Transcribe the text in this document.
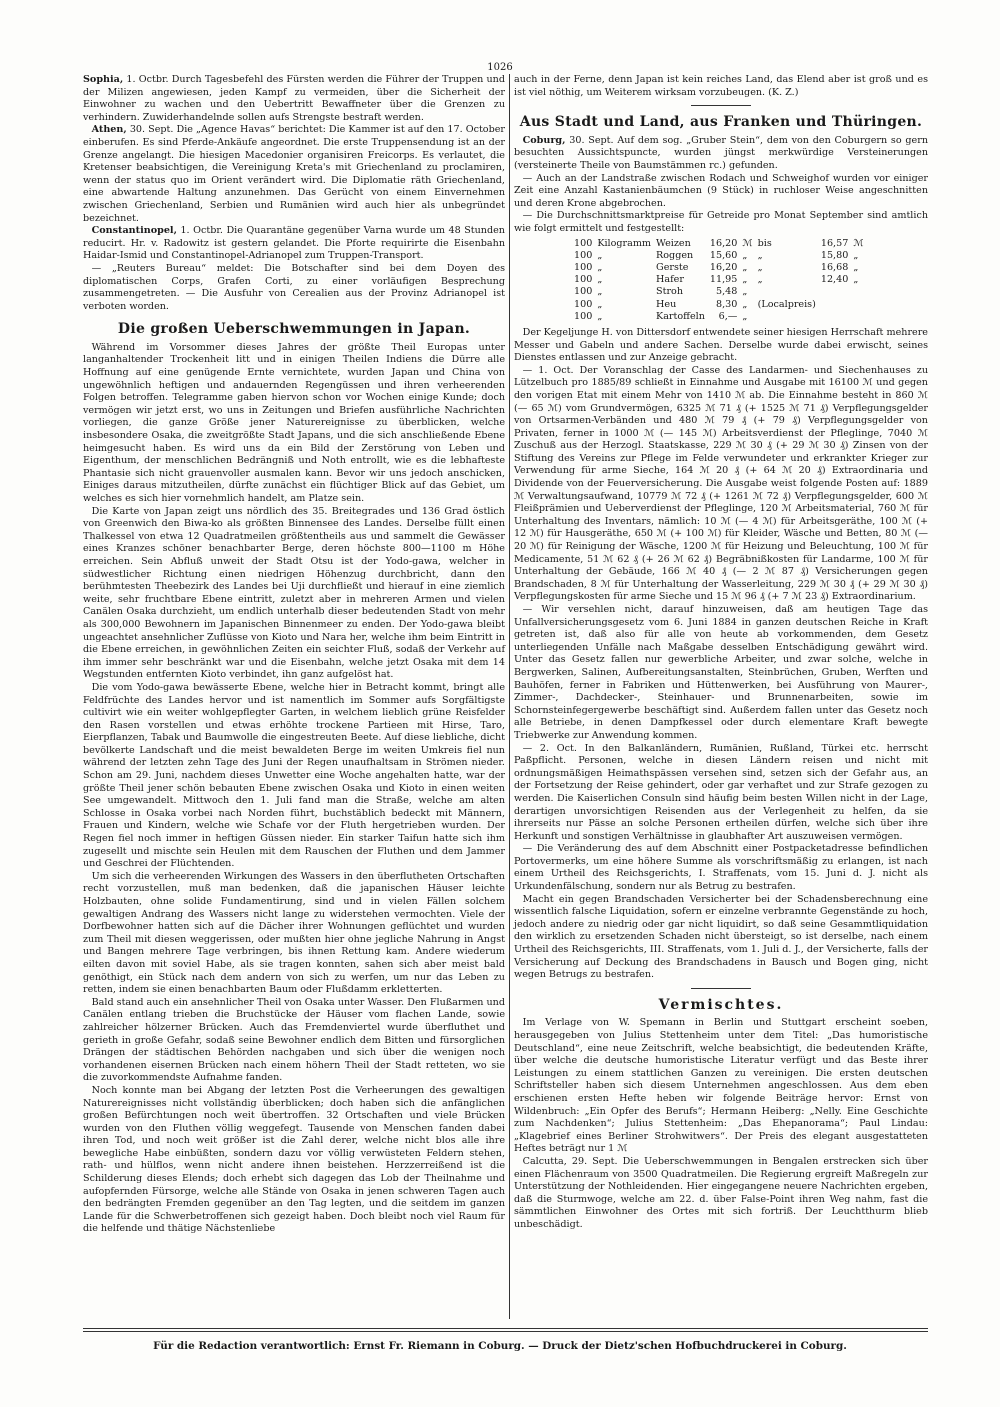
1026

Sophia, 1. Octbr. Durch Tagesbefehl des Fürsten werden die Führer der Truppen und der Milizen angewiesen, jeden Kampf zu vermeiden, über die Sicherheit der Einwohner zu wachen und den Uebertritt Bewaffneter über die Grenzen zu verhindern. Zuwiderhandelnde sollen aufs Strengste bestraft werden.

Athen, 30. Sept. Die „Agence Havas“ berichtet: Die Kammer ist auf den 17. October einberufen. Es sind Pferde-Ankäufe angeordnet. Die erste Truppensendung ist an der Grenze angelangt. Die hiesigen Macedonier organisiren Freicorps. Es verlautet, die Kretenser beabsichtigen, die Vereinigung Kreta's mit Griechenland zu proclamiren, wenn der status quo im Orient verändert wird. Die Diplomatie räth Griechenland, eine abwartende Haltung anzunehmen. Das Gerücht von einem Einvernehmen zwischen Griechenland, Serbien und Rumänien wird auch hier als unbegründet bezeichnet.

Constantinopel, 1. Octbr. Die Quarantäne gegenüber Varna wurde um 48 Stunden reducirt. Hr. v. Radowitz ist gestern gelandet. Die Pforte requirirte die Eisenbahn Haidar-Ismid und Constantinopel-Adrianopel zum Truppen-Transport.

— „Reuters Bureau“ meldet: Die Botschafter sind bei dem Doyen des diplomatischen Corps, Grafen Corti, zu einer vorläufigen Besprechung zusammengetreten. — Die Ausfuhr von Cerealien aus der Provinz Adrianopel ist verboten worden.

Die großen Ueberschwemmungen in Japan.

Während im Vorsommer dieses Jahres der größte Theil Europas unter langanhaltender Trockenheit litt und in einigen Theilen Indiens die Dürre alle Hoffnung auf eine genügende Ernte vernichtete, wurden Japan und China von ungewöhnlich heftigen und andauernden Regengüssen und ihren verheerenden Folgen betroffen. Telegramme gaben hiervon schon vor Wochen einige Kunde; doch vermögen wir jetzt erst, wo uns in Zeitungen und Briefen ausführliche Nachrichten vorliegen, die ganze Größe jener Naturereignisse zu überblicken, welche insbesondere Osaka, die zweitgrößte Stadt Japans, und die sich anschließende Ebene heimgesucht haben. Es wird uns da ein Bild der Zerstörung von Leben und Eigenthum, der menschlichen Bedrängniß und Noth entrollt, wie es die lebhafteste Phantasie sich nicht grauenvoller ausmalen kann. Bevor wir uns jedoch anschicken, Einiges daraus mitzutheilen, dürfte zunächst ein flüchtiger Blick auf das Gebiet, um welches es sich hier vornehmlich handelt, am Platze sein.

Die Karte von Japan zeigt uns nördlich des 35. Breitegrades und 136 Grad östlich von Greenwich den Biwa-ko als größten Binnensee des Landes. Derselbe füllt einen Thalkessel von etwa 12 Quadratmeilen größtentheils aus und sammelt die Gewässer eines Kranzes schöner benachbarter Berge, deren höchste 800—1100 m Höhe erreichen. Sein Abfluß unweit der Stadt Otsu ist der Yodo-gawa, welcher in südwestlicher Richtung einen niedrigen Höhenzug durchbricht, dann den berühmtesten Theebezirk des Landes bei Uji durchfließt und hierauf in eine ziemlich weite, sehr fruchtbare Ebene eintritt, zuletzt aber in mehreren Armen und vielen Canälen Osaka durchzieht, um endlich unterhalb dieser bedeutenden Stadt von mehr als 300,000 Bewohnern im Japanischen Binnenmeer zu enden. Der Yodo-gawa bleibt ungeachtet ansehnlicher Zuflüsse von Kioto und Nara her, welche ihm beim Eintritt in die Ebene erreichen, in gewöhnlichen Zeiten ein seichter Fluß, sodaß der Verkehr auf ihm immer sehr beschränkt war und die Eisenbahn, welche jetzt Osaka mit dem 14 Wegstunden entfernten Kioto verbindet, ihn ganz aufgelöst hat.

Die vom Yodo-gawa bewässerte Ebene, welche hier in Betracht kommt, bringt alle Feldfrüchte des Landes hervor und ist namentlich im Sommer aufs Sorgfältigste cultivirt wie ein weiter wohlgepflegter Garten, in welchem lieblich grüne Reisfelder den Rasen vorstellen und etwas erhöhte trockene Partieen mit Hirse, Taro, Eierpflanzen, Tabak und Baumwolle die eingestreuten Beete. Auf diese liebliche, dicht bevölkerte Landschaft und die meist bewaldeten Berge im weiten Umkreis fiel nun während der letzten zehn Tage des Juni der Regen unaufhaltsam in Strömen nieder. Schon am 29. Juni, nachdem dieses Unwetter eine Woche angehalten hatte, war der größte Theil jener schön bebauten Ebene zwischen Osaka und Kioto in einen weiten See umgewandelt. Mittwoch den 1. Juli fand man die Straße, welche am alten Schlosse in Osaka vorbei nach Norden führt, buchstäblich bedeckt mit Männern, Frauen und Kindern, welche wie Schafe vor der Fluth hergetrieben wurden. Der Regen fiel noch immer in heftigen Güssen nieder. Ein starker Taifun hatte sich ihm zugesellt und mischte sein Heulen mit dem Rauschen der Fluthen und dem Jammer und Geschrei der Flüchtenden.

Um sich die verheerenden Wirkungen des Wassers in den überflutheten Ortschaften recht vorzustellen, muß man bedenken, daß die japanischen Häuser leichte Holzbauten, ohne solide Fundamentirung, sind und in vielen Fällen solchem gewaltigen Andrang des Wassers nicht lange zu widerstehen vermochten. Viele der Dorfbewohner hatten sich auf die Dächer ihrer Wohnungen geflüchtet und wurden zum Theil mit diesen weggerissen, oder mußten hier ohne jegliche Nahrung in Angst und Bangen mehrere Tage verbringen, bis ihnen Rettung kam. Andere wiederum eilten davon mit soviel Habe, als sie tragen konnten, sahen sich aber meist bald genöthigt, ein Stück nach dem andern von sich zu werfen, um nur das Leben zu retten, indem sie einen benachbarten Baum oder Flußdamm erkletterten.

Bald stand auch ein ansehnlicher Theil von Osaka unter Wasser. Den Flußarmen und Canälen entlang trieben die Bruchstücke der Häuser vom flachen Lande, sowie zahlreicher hölzerner Brücken. Auch das Fremdenviertel wurde überfluthet und gerieth in große Gefahr, sodaß seine Bewohner endlich dem Bitten und fürsorglichen Drängen der städtischen Behörden nachgaben und sich über die wenigen noch vorhandenen eisernen Brücken nach einem höhern Theil der Stadt retteten, wo sie die zuvorkommendste Aufnahme fanden.

Noch konnte man bei Abgang der letzten Post die Verheerungen des gewaltigen Naturereignisses nicht vollständig überblicken; doch haben sich die anfänglichen großen Befürchtungen noch weit übertroffen. 32 Ortschaften und viele Brücken wurden von den Fluthen völlig weggefegt. Tausende von Menschen fanden dabei ihren Tod, und noch weit größer ist die Zahl derer, welche nicht blos alle ihre bewegliche Habe einbüßten, sondern dazu vor völlig verwüsteten Feldern stehen, rath- und hülflos, wenn nicht andere ihnen beistehen. Herzzerreißend ist die Schilderung dieses Elends; doch erhebt sich dagegen das Lob der Theilnahme und aufopfernden Fürsorge, welche alle Stände von Osaka in jenen schweren Tagen auch den bedrängten Fremden gegenüber an den Tag legten, und die seitdem im ganzen Lande für die Schwerbetroffenen sich gezeigt haben. Doch bleibt noch viel Raum für die helfende und thätige Nächstenliebe

auch in der Ferne, denn Japan ist kein reiches Land, das Elend aber ist groß und es ist viel nöthig, um Weiterem wirksam vorzubeugen. (K. Z.)

Aus Stadt und Land, aus Franken und Thüringen.

Coburg, 30. Sept. Auf dem sog. „Gruber Stein“, dem von den Coburgern so gern besuchten Aussichtspuncte, wurden jüngst merkwürdige Versteinerungen (versteinerte Theile von Baumstämmen rc.) gefunden.

— Auch an der Landstraße zwischen Rodach und Schweighof wurden vor einiger Zeit eine Anzahl Kastanienbäumchen (9 Stück) in ruchloser Weise angeschnitten und deren Krone abgebrochen.

— Die Durchschnittsmarktpreise für Getreide pro Monat September sind amtlich wie folgt ermittelt und festgestellt:

100	Kilogramm	Weizen	16,20	ℳ	bis	16,57	ℳ
100	„	Roggen	15,60	„	„	15,80	„
100	„	Gerste	16,20	„	„	16,68	„
100	„	Hafer	11,95	„	„	12,40	„
100	„	Stroh	5,48	„			
100	„	Heu	8,30	„	(Localpreis)		
100	„	Kartoffeln	6,—	„			

Der Kegeljunge H. von Dittersdorf entwendete seiner hiesigen Herrschaft mehrere Messer und Gabeln und andere Sachen. Derselbe wurde dabei erwischt, seines Dienstes entlassen und zur Anzeige gebracht.

— 1. Oct. Der Voranschlag der Casse des Landarmen- und Siechenhauses zu Lützelbuch pro 1885/89 schließt in Einnahme und Ausgabe mit 16100 ℳ und gegen den vorigen Etat mit einem Mehr von 1410 ℳ ab. Die Einnahme besteht in 860 ℳ (— 65 ℳ) vom Grundvermögen, 6325 ℳ 71 ₰ (+ 1525 ℳ 71 ₰) Verpflegungsgelder von Ortsarmen-Verbänden und 480 ℳ 79 ₰ (+ 79 ₰) Verpflegungsgelder von Privaten, ferner in 1000 ℳ (— 145 ℳ) Arbeitsverdienst der Pfleglinge, 7040 ℳ Zuschuß aus der Herzogl. Staatskasse, 229 ℳ 30 ₰ (+ 29 ℳ 30 ₰) Zinsen von der Stiftung des Vereins zur Pflege im Felde verwundeter und erkrankter Krieger zur Verwendung für arme Sieche, 164 ℳ 20 ₰ (+ 64 ℳ 20 ₰) Extraordinaria und Dividende von der Feuerversicherung. Die Ausgabe weist folgende Posten auf: 1889 ℳ Verwaltungsaufwand, 10779 ℳ 72 ₰ (+ 1261 ℳ 72 ₰) Verpflegungsgelder, 600 ℳ Fleißprämien und Ueberverdienst der Pfleglinge, 120 ℳ Arbeitsmaterial, 760 ℳ für Unterhaltung des Inventars, nämlich: 10 ℳ (— 4 ℳ) für Arbeitsgeräthe, 100 ℳ (+ 12 ℳ) für Hausgeräthe, 650 ℳ (+ 100 ℳ) für Kleider, Wäsche und Betten, 80 ℳ (— 20 ℳ) für Reinigung der Wäsche, 1200 ℳ für Heizung und Beleuchtung, 100 ℳ für Medicamente, 51 ℳ 62 ₰ (+ 26 ℳ 62 ₰) Begräbnißkosten für Landarme, 100 ℳ für Unterhaltung der Gebäude, 166 ℳ 40 ₰ (— 2 ℳ 87 ₰) Versicherungen gegen Brandschaden, 8 ℳ für Unterhaltung der Wasserleitung, 229 ℳ 30 ₰ (+ 29 ℳ 30 ₰) Verpflegungskosten für arme Sieche und 15 ℳ 96 ₰ (+ 7 ℳ 23 ₰) Extraordinarium.

— Wir versehlen nicht, darauf hinzuweisen, daß am heutigen Tage das Unfallversicherungsgesetz vom 6. Juni 1884 in ganzen deutschen Reiche in Kraft getreten ist, daß also für alle von heute ab vorkommenden, dem Gesetz unterliegenden Unfälle nach Maßgabe desselben Entschädigung gewährt wird. Unter das Gesetz fallen nur gewerbliche Arbeiter, und zwar solche, welche in Bergwerken, Salinen, Aufbereitungsanstalten, Steinbrüchen, Gruben, Werften und Bauhöfen, ferner in Fabriken und Hüttenwerken, bei Ausführung von Maurer-, Zimmer-, Dachdecker-, Steinhauer- und Brunnenarbeiten, sowie im Schornsteinfegergewerbe beschäftigt sind. Außerdem fallen unter das Gesetz noch alle Betriebe, in denen Dampfkessel oder durch elementare Kraft bewegte Triebwerke zur Anwendung kommen.

— 2. Oct. In den Balkanländern, Rumänien, Rußland, Türkei etc. herrscht Paßpflicht. Personen, welche in diesen Ländern reisen und nicht mit ordnungsmäßigen Heimathspässen versehen sind, setzen sich der Gefahr aus, an der Fortsetzung der Reise gehindert, oder gar verhaftet und zur Strafe gezogen zu werden. Die Kaiserlichen Consuln sind häufig beim besten Willen nicht in der Lage, derartigen unvorsichtigen Reisenden aus der Verlegenheit zu helfen, da sie ihrerseits nur Pässe an solche Personen ertheilen dürfen, welche sich über ihre Herkunft und sonstigen Verhältnisse in glaubhafter Art auszuweisen vermögen.

— Die Veränderung des auf dem Abschnitt einer Postpacketadresse befindlichen Portovermerks, um eine höhere Summe als vorschriftsmäßig zu erlangen, ist nach einem Urtheil des Reichsgerichts, I. Straffenats, vom 15. Juni d. J. nicht als Urkundenfälschung, sondern nur als Betrug zu bestrafen.

Macht ein gegen Brandschaden Versicherter bei der Schadensberechnung eine wissentlich falsche Liquidation, sofern er einzelne verbrannte Gegenstände zu hoch, jedoch andere zu niedrig oder gar nicht liquidirt, so daß seine Gesammtliquidation den wirklich zu ersetzenden Schaden nicht übersteigt, so ist derselbe, nach einem Urtheil des Reichsgerichts, III. Straffenats, vom 1. Juli d. J., der Versicherte, falls der Versicherung auf Deckung des Brandschadens in Bausch und Bogen ging, nicht wegen Betrugs zu bestrafen.

Vermischtes.

Im Verlage von W. Spemann in Berlin und Stuttgart erscheint soeben, herausgegeben von Julius Stettenheim unter dem Titel: „Das humoristische Deutschland“, eine neue Zeitschrift, welche beabsichtigt, die bedeutenden Kräfte, über welche die deutsche humoristische Literatur verfügt und das Beste ihrer Leistungen zu einem stattlichen Ganzen zu vereinigen. Die ersten deutschen Schriftsteller haben sich diesem Unternehmen angeschlossen. Aus dem eben erschienen ersten Hefte heben wir folgende Beiträge hervor: Ernst von Wildenbruch: „Ein Opfer des Berufs“; Hermann Heiberg: „Nelly. Eine Geschichte zum Nachdenken“; Julius Stettenheim: „Das Ehepanorama“; Paul Lindau: „Klagebrief eines Berliner Strohwitwers“. Der Preis des elegant ausgestatteten Heftes beträgt nur 1 ℳ

Calcutta, 29. Sept. Die Ueberschwemmungen in Bengalen erstrecken sich über einen Flächenraum von 3500 Quadratmeilen. Die Regierung ergreift Maßregeln zur Unterstützung der Nothleidenden. Hier eingegangene neuere Nachrichten ergeben, daß die Sturmwoge, welche am 22. d. über False-Point ihren Weg nahm, fast die sämmtlichen Einwohner des Ortes mit sich fortriß. Der Leuchtthurm blieb unbeschädigt.

Für die Redaction verantwortlich: Ernst Fr. Riemann in Coburg. — Druck der Dietz'schen Hofbuchdruckerei in Coburg.
